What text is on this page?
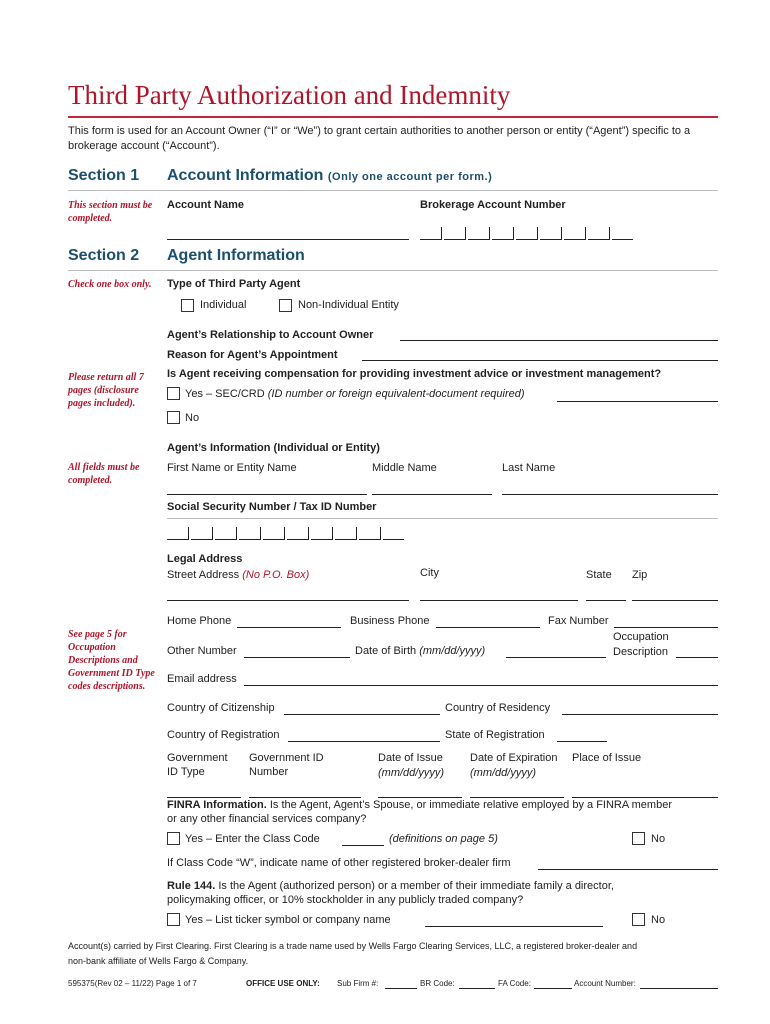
Third Party Authorization and Indemnity
This form is used for an Account Owner (“I” or “We”) to grant certain authorities to another person or entity (“Agent”) specific to a brokerage account (“Account”).
Section 1 Account Information (Only one account per form.)
This section must be completed.
Account Name	Brokerage Account Number
Section 2 Agent Information
Check one box only.	Type of Third Party Agent
Individual	Non-Individual Entity
Agent’s Relationship to Account Owner
Reason for Agent’s Appointment
Please return all 7 pages (disclosure pages included).
Is Agent receiving compensation for providing investment advice or investment management?
Yes – SEC/CRD (ID number or foreign equivalent-document required)
No
Agent’s Information (Individual or Entity)
All fields must be completed.
First Name or Entity Name	Middle Name	Last Name
Social Security Number / Tax ID Number
Legal Address
Street Address (No P.O. Box)	City	State Zip
Home Phone	Business Phone	Fax Number
See page 5 for Occupation Descriptions and Government ID Type codes descriptions.
Other Number	Date of Birth (mm/dd/yyyy)
Occupation
Description
Email address
Country of Citizenship	Country of Residency
Country of Registration	State of Registration
Government
ID Type
Government ID
Number
Date of Issue
(mm/dd/yyyy)
Date of Expiration
(mm/dd/yyyy)
Place of Issue
FINRA Information. Is the Agent, Agent’s Spouse, or immediate relative employed by a FINRA member
or any other financial services company?
Yes – Enter the Class Code	(definitions on page 5)	No
If Class Code “W”, indicate name of other registered broker-dealer firm
Rule 144. Is the Agent (authorized person) or a member of their immediate family a director,
policymaking officer, or 10% stockholder in any publicly traded company?
Yes – List ticker symbol or company name	No
Account(s) carried by First Clearing. First Clearing is a trade name used by Wells Fargo Clearing Services, LLC, a registered broker-dealer and
non-bank affiliate of Wells Fargo & Company.
595375(Rev 02 – 11/22) Page 1 of 7	OFFICE USE ONLY: Sub Firm #:	BR Code:	FA Code:	Account Number:
